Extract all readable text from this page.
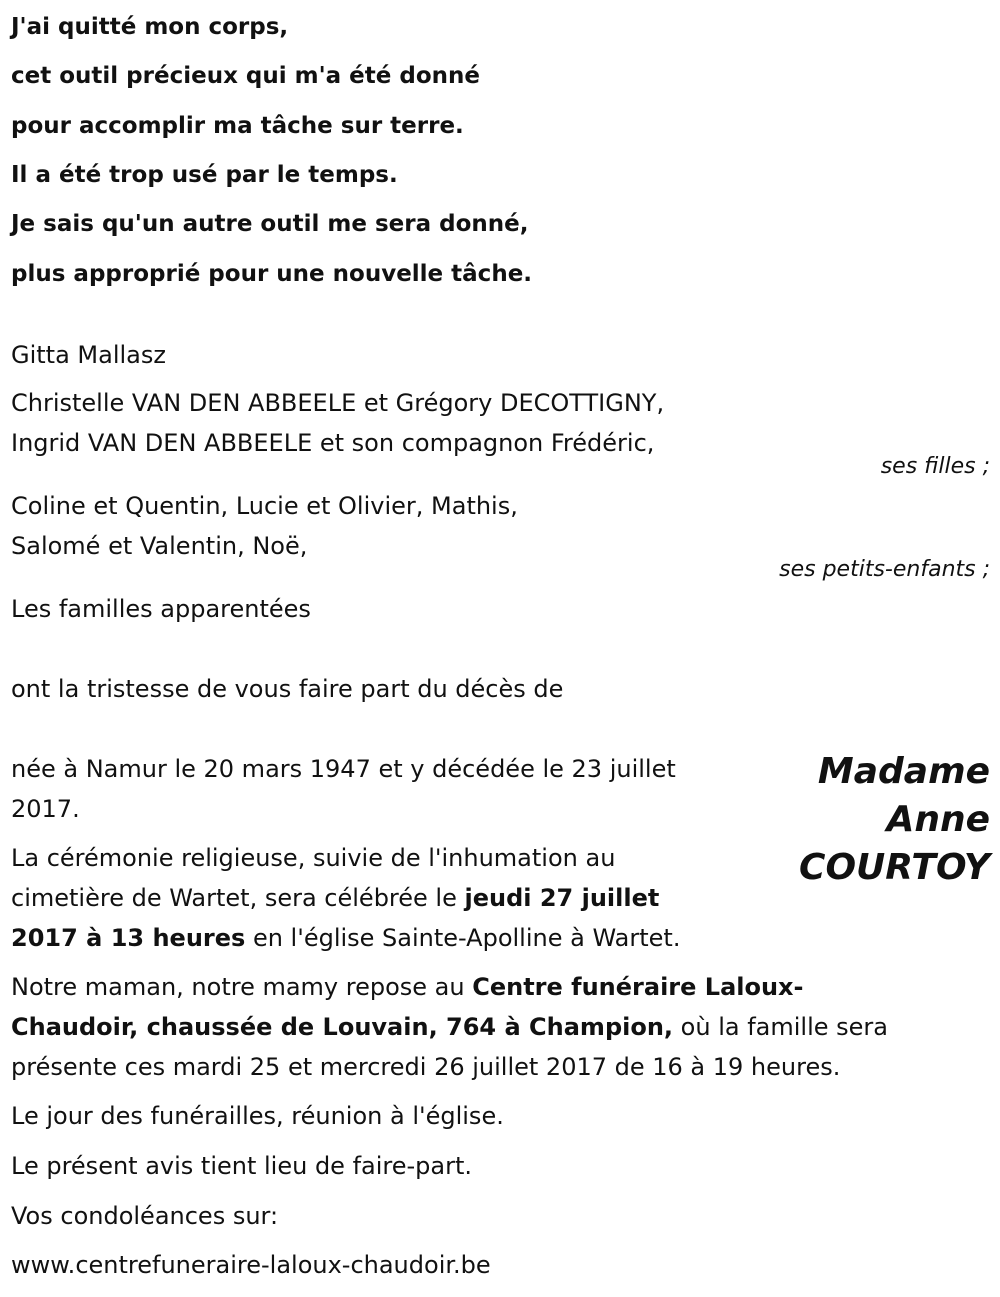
J'ai quitté mon corps,
cet outil précieux qui m'a été donné
pour accomplir ma tâche sur terre.
Il a été trop usé par le temps.
Je sais qu'un autre outil me sera donné,
plus approprié pour une nouvelle tâche.
Gitta Mallasz
Christelle VAN DEN ABBEELE et Grégory DECOTTIGNY,
Ingrid VAN DEN ABBEELE et son compagnon Frédéric,
ses filles ;
Coline et Quentin, Lucie et Olivier, Mathis,
Salomé et Valentin, Noë,
ses petits-enfants ;
Les familles apparentées
ont la tristesse de vous faire part du décès de
Madame
Anne
COURTOY
née à Namur le 20 mars 1947 et y décédée le 23 juillet
2017.
La cérémonie religieuse, suivie de l'inhumation au
cimetière de Wartet, sera célébrée le jeudi 27 juillet
2017 à 13 heures en l'église Sainte-Apolline à Wartet.
Notre maman, notre mamy repose au Centre funéraire Laloux-
Chaudoir, chaussée de Louvain, 764 à Champion, où la famille sera
présente ces mardi 25 et mercredi 26 juillet 2017 de 16 à 19 heures.
Le jour des funérailles, réunion à l'église.
Le présent avis tient lieu de faire-part.
Vos condoléances sur:
www.centrefuneraire-laloux-chaudoir.be
